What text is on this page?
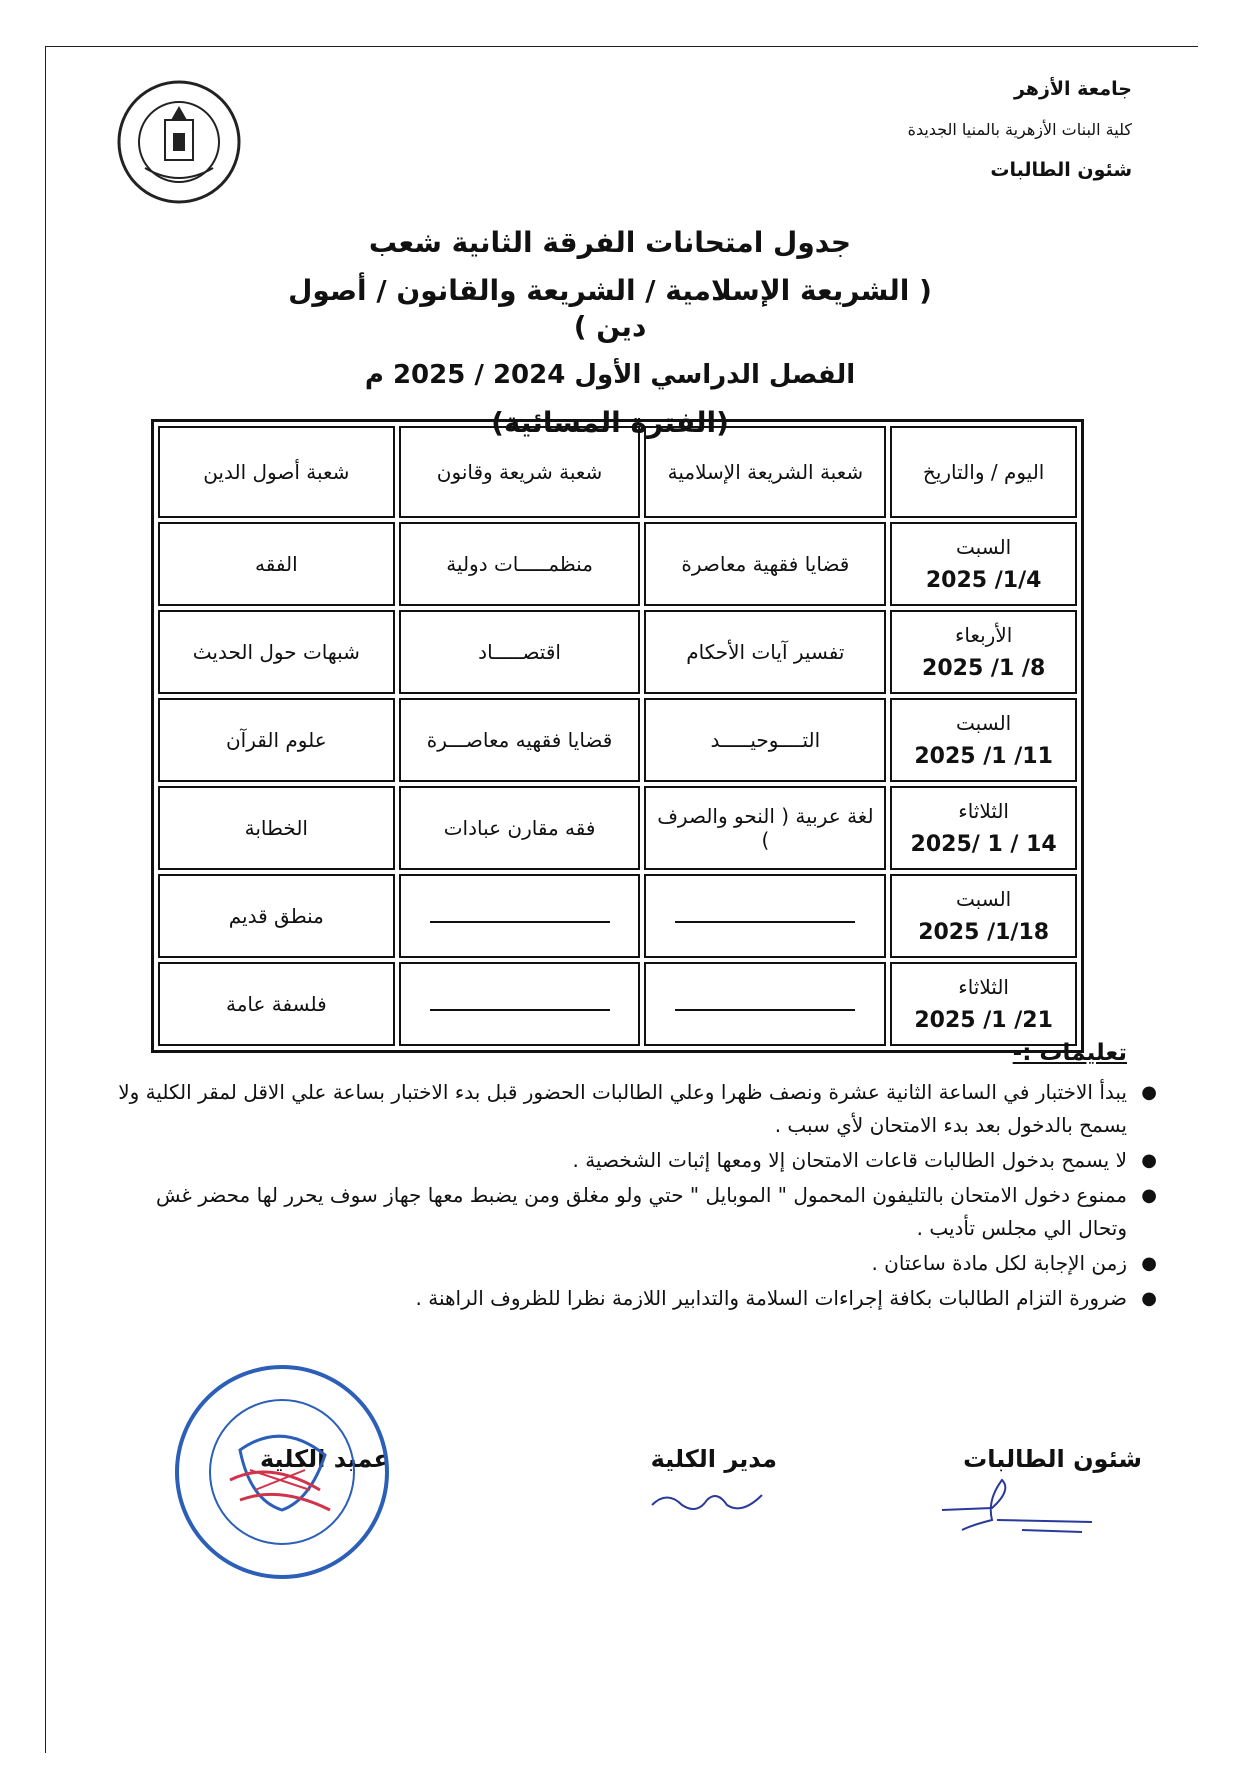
جامعة الأزهر
كلية البنات الأزهرية بالمنيا الجديدة
شئون الطالبات
جدول امتحانات الفرقة الثانية شعب
( الشريعة الإسلامية / الشريعة والقانون / أصول دين )
الفصل الدراسي الأول 2024 / 2025 م
(الفترة المسائية)
اليوم / والتاريخ	شعبة الشريعة الإسلامية	شعبة شريعة وقانون	شعبة أصول الدين

السبت
2025 /1/4	قضايا فقهية معاصرة	منظمـــــات دولية	الفقه

الأربعاء
2025 /1 /8	تفسير آيات الأحكام	اقتصـــــاد	شبهات حول الحديث

السبت
2025 /1 /11	التــــوحيـــــد	قضايا فقهيه معاصـــرة	علوم القرآن

الثلاثاء
2025/ 1 / 14	لغة عربية ( النحو والصرف )	فقه مقارن عبادات	الخطابة

السبت
2025 /1/18			منطق قديم

الثلاثاء
2025 /1 /21			فلسفة عامة
تعليمات :-
●
يبدأ الاختبار في الساعة الثانية عشرة ونصف ظهرا وعلي الطالبات الحضور قبل بدء الاختبار بساعة علي الاقل لمقر الكلية ولا يسمح بالدخول بعد بدء الامتحان لأي سبب .
●
لا يسمح بدخول الطالبات قاعات الامتحان إلا ومعها إثبات الشخصية .
●
ممنوع دخول الامتحان بالتليفون المحمول " الموبايل " حتي ولو مغلق ومن يضبط معها جهاز سوف يحرر لها محضر غش وتحال الي مجلس تأديب .
●
زمن الإجابة لكل مادة ساعتان .
●
ضرورة التزام الطالبات بكافة إجراءات السلامة والتدابير اللازمة نظرا للظروف الراهنة .
شئون الطالبات
مدير الكلية
عميد الكلية
